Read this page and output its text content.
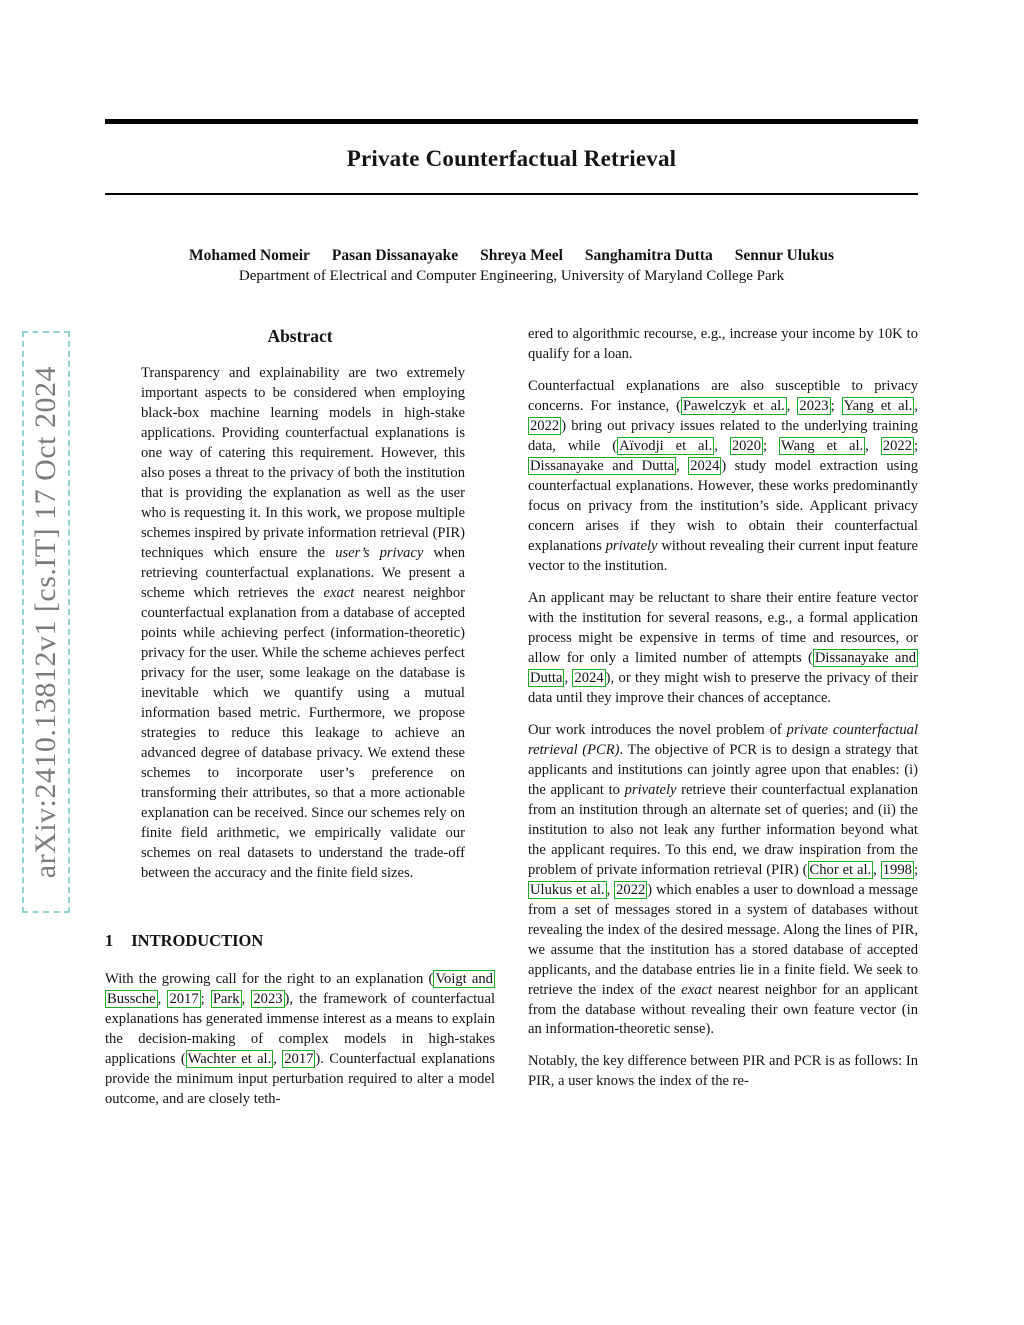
arXiv:2410.13812v1 [cs.IT] 17 Oct 2024
Private Counterfactual Retrieval
Mohamed Nomeir Pasan Dissanayake Shreya Meel Sanghamitra Dutta Sennur Ulukus
Department of Electrical and Computer Engineering, University of Maryland College Park
Abstract

Transparency and explainability are two extremely important aspects to be considered when employing black-box machine learning models in high-stake applications. Providing counterfactual explanations is one way of catering this requirement. However, this also poses a threat to the privacy of both the institution that is providing the explanation as well as the user who is requesting it. In this work, we propose multiple schemes inspired by private information retrieval (PIR) techniques which ensure the user’s privacy when retrieving counterfactual explanations. We present a scheme which retrieves the exact nearest neighbor counterfactual explanation from a database of accepted points while achieving perfect (information-theoretic) privacy for the user. While the scheme achieves perfect privacy for the user, some leakage on the database is inevitable which we quantify using a mutual information based metric. Furthermore, we propose strategies to reduce this leakage to achieve an advanced degree of database privacy. We extend these schemes to incorporate user’s preference on transforming their attributes, so that a more actionable explanation can be received. Since our schemes rely on finite field arithmetic, we empirically validate our schemes on real datasets to understand the trade-off between the accuracy and the finite field sizes.

1 INTRODUCTION

With the growing call for the right to an explanation ( Voigt and Bussche , 2017 ; Park , 2023 ), the framework of counterfactual explanations has generated immense interest as a means to explain the decision-making of complex models in high-stakes applications ( Wachter et al. , 2017 ). Counterfactual explanations provide the minimum input perturbation required to alter a model outcome, and are closely teth-

ered to algorithmic recourse, e.g., increase your income by 10K to qualify for a loan.

Counterfactual explanations are also susceptible to privacy concerns. For instance, ( Pawelczyk et al. , 2023 ; Yang et al. , 2022 ) bring out privacy issues related to the underlying training data, while ( Aïvodji et al. , 2020 ; Wang et al. , 2022 ; Dissanayake and Dutta , 2024 ) study model extraction using counterfactual explanations. However, these works predominantly focus on privacy from the institution’s side. Applicant privacy concern arises if they wish to obtain their counterfactual explanations privately without revealing their current input feature vector to the institution.

An applicant may be reluctant to share their entire feature vector with the institution for several reasons, e.g., a formal application process might be expensive in terms of time and resources, or allow for only a limited number of attempts ( Dissanayake and Dutta , 2024 ), or they might wish to preserve the privacy of their data until they improve their chances of acceptance.

Our work introduces the novel problem of private counterfactual retrieval (PCR). The objective of PCR is to design a strategy that applicants and institutions can jointly agree upon that enables: (i) the applicant to privately retrieve their counterfactual explanation from an institution through an alternate set of queries; and (ii) the institution to also not leak any further information beyond what the applicant requires. To this end, we draw inspiration from the problem of private information retrieval (PIR) ( Chor et al. , 1998 ; Ulukus et al. , 2022 ) which enables a user to download a message from a set of messages stored in a system of databases without revealing the index of the desired message. Along the lines of PIR, we assume that the institution has a stored database of accepted applicants, and the database entries lie in a finite field. We seek to retrieve the index of the exact nearest neighbor for an applicant from the database without revealing their own feature vector (in an information-theoretic sense).

Notably, the key difference between PIR and PCR is as follows: In PIR, a user knows the index of the re-
